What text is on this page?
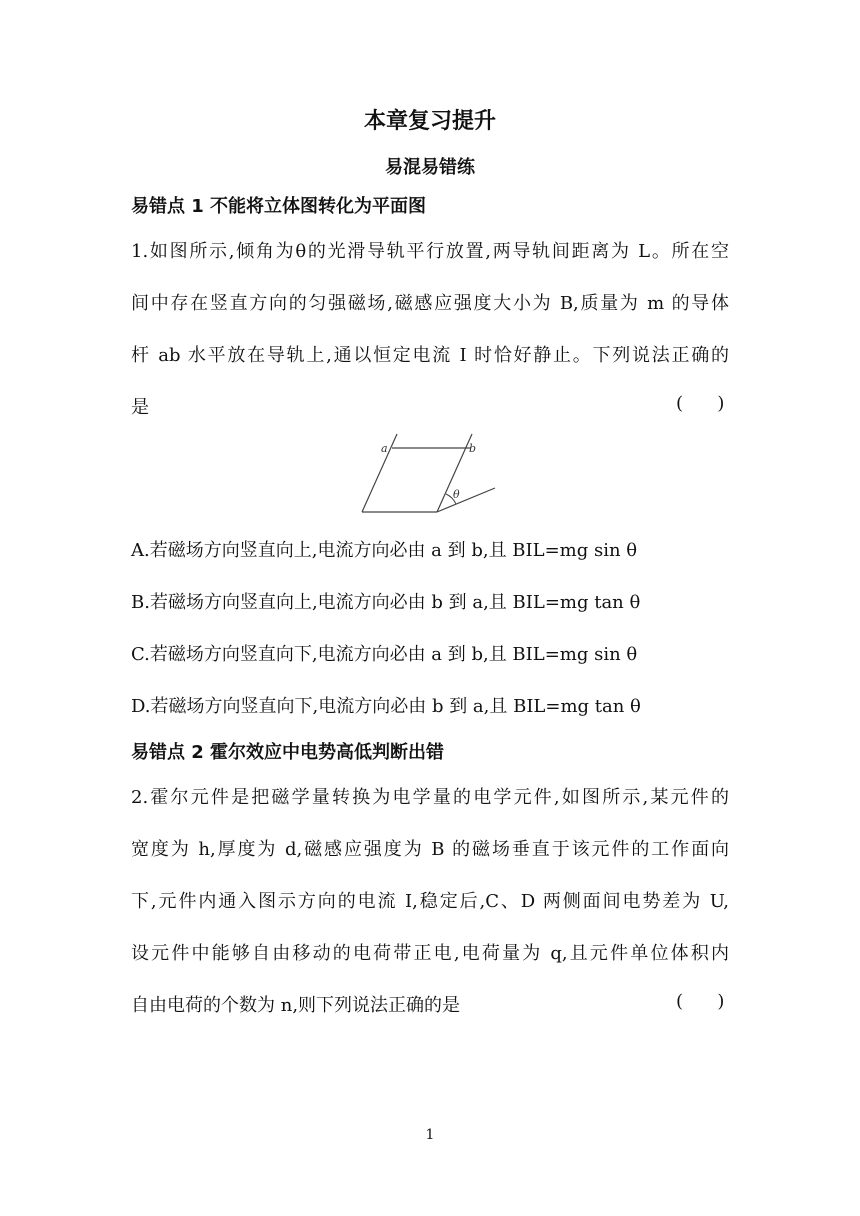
本章复习提升
易混易错练
易错点 1 不能将立体图转化为平面图
1.如图所示,倾角为θ的光滑导轨平行放置,两导轨间距离为 L。所在空
间中存在竖直方向的匀强磁场,磁感应强度大小为 B,质量为 m 的导体
杆 ab 水平放在导轨上,通以恒定电流 I 时恰好静止。下列说法正确的
是	(      )
a	b
θ
A.若磁场方向竖直向上,电流方向必由 a 到 b,且 BIL=mg sin θ
B.若磁场方向竖直向上,电流方向必由 b 到 a,且 BIL=mg tan θ
C.若磁场方向竖直向下,电流方向必由 a 到 b,且 BIL=mg sin θ
D.若磁场方向竖直向下,电流方向必由 b 到 a,且 BIL=mg tan θ
易错点 2 霍尔效应中电势高低判断出错
2.霍尔元件是把磁学量转换为电学量的电学元件,如图所示,某元件的
宽度为 h,厚度为 d,磁感应强度为 B 的磁场垂直于该元件的工作面向
下,元件内通入图示方向的电流 I,稳定后,C、D 两侧面间电势差为 U,
设元件中能够自由移动的电荷带正电,电荷量为 q,且元件单位体积内
自由电荷的个数为 n,则下列说法正确的是	(      )
1
